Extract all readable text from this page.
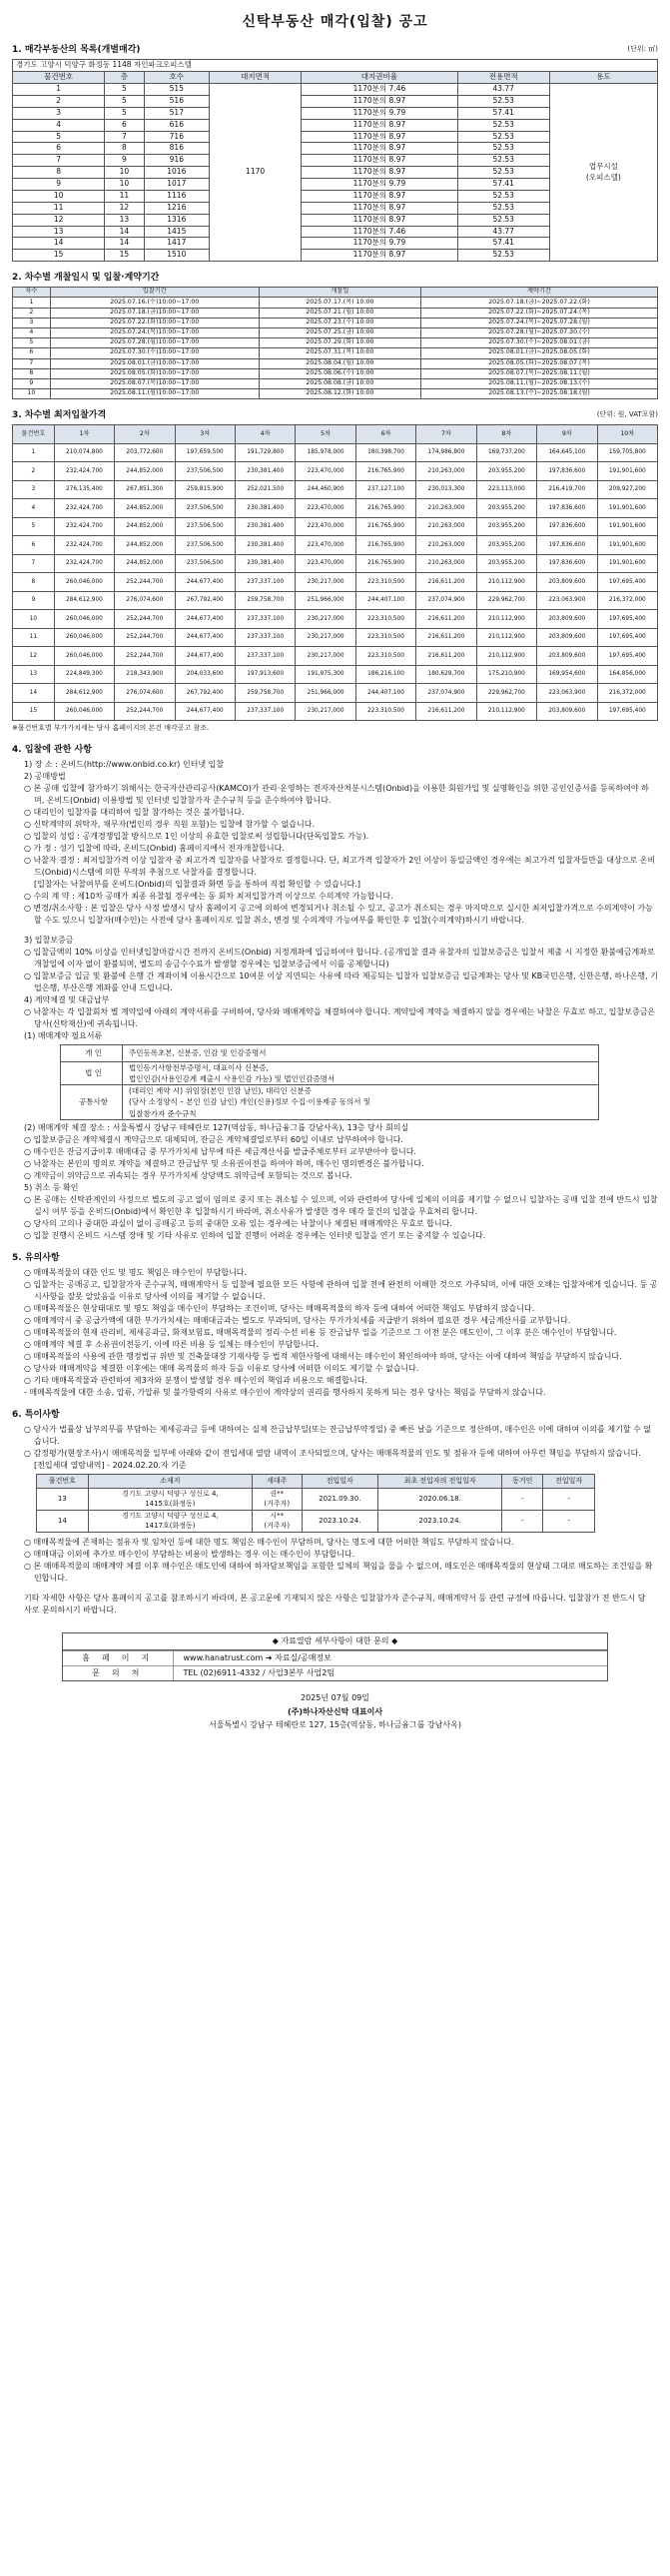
신탁부동산 매각(입찰) 공고
1. 매각부동산의 목록(개별매각)	(단위: ㎡)
경기도 고양시 덕양구 화정동 1148 자인파크오피스텔						
물건번호	층	호수	대지면적	대지권비율	전용면적	용도
1	5	515	1170	1170분의 7.46	43.77	업무시설
(오피스텔)
2	5	516		1170분의 8.97	52.53	
3	5	517		1170분의 9.79	57.41	
4	6	616		1170분의 8.97	52.53	
5	7	716		1170분의 8.97	52.53	
6	8	816		1170분의 8.97	52.53	
7	9	916		1170분의 8.97	52.53	
8	10	1016		1170분의 8.97	52.53	
9	10	1017		1170분의 9.79	57.41	
10	11	1116		1170분의 8.97	52.53	
11	12	1216		1170분의 8.97	52.53	
12	13	1316		1170분의 8.97	52.53	
13	14	1415		1170분의 7.46	43.77	
14	14	1417		1170분의 9.79	57.41	
15	15	1510		1170분의 8.97	52.53	
2. 차수별 개찰일시 및 입찰·계약기간
차수	입찰기간	개찰일	계약기간
1	2025.07.16.(수)10:00~17:00	2025.07.17.(목) 10:00	2025.07.18.(금)~2025.07.22.(화)
2	2025.07.18.(금)10:00~17:00	2025.07.21.(월) 10:00	2025.07.22.(화)~2025.07.24.(목)
3	2025.07.22.(화)10:00~17:00	2025.07.23.(수) 10:00	2025.07.24.(목)~2025.07.28.(월)
4	2025.07.24.(목)10:00~17:00	2025.07.25.(금) 10:00	2025.07.28.(월)~2025.07.30.(수)
5	2025.07.28.(월)10:00~17:00	2025.07.29.(화) 10:00	2025.07.30.(수)~2025.08.01.(금)
6	2025.07.30.(수)10:00~17:00	2025.07.31.(목) 10:00	2025.08.01.(금)~2025.08.05.(화)
7	2025.08.01.(금)10:00~17:00	2025.08.04.(월) 10:00	2025.08.05.(화)~2025.08.07.(목)
8	2025.08.05.(화)10:00~17:00	2025.08.06.(수) 10:00	2025.08.07.(목)~2025.08.11.(월)
9	2025.08.07.(목)10:00~17:00	2025.08.08.(금) 10:00	2025.08.11.(월)~2025.08.13.(수)
10	2025.08.11.(월)10:00~17:00	2025.08.12.(화) 10:00	2025.08.13.(수)~2025.08.18.(월)
3. 차수별 최저입찰가격	(단위: 원, VAT포함)
물건번호	1차	2차	3차	4차	5차	6차	7차	8차	9차	10차
1	210,074,800	203,772,600	197,659,500	191,729,800	185,978,000	180,398,700	174,986,800	169,737,200	164,645,100	159,705,800
2	232,424,700	244,852,000	237,506,500	230,381,400	223,470,000	216,765,900	210,263,000	203,955,200	197,836,600	191,901,600
3	276,135,400	267,851,300	259,815,900	252,021,500	244,460,900	237,127,100	230,013,300	223,113,000	216,419,700	209,927,200
4	232,424,700	244,852,000	237,506,500	230,381,400	223,470,000	216,765,900	210,263,000	203,955,200	197,836,600	191,901,600
5	232,424,700	244,852,000	237,506,500	230,381,400	223,470,000	216,765,900	210,263,000	203,955,200	197,836,600	191,901,600
6	232,424,700	244,852,000	237,506,500	230,381,400	223,470,000	216,765,900	210,263,000	203,955,200	197,836,600	191,901,600
7	232,424,700	244,852,000	237,506,500	230,381,400	223,470,000	216,765,900	210,263,000	203,955,200	197,836,600	191,901,600
8	260,046,000	252,244,700	244,677,400	237,337,100	230,217,000	223,310,500	216,611,200	210,112,900	203,809,600	197,695,400
9	284,612,900	276,074,600	267,792,400	259,758,700	251,966,000	244,407,100	237,074,900	229,962,700	223,063,900	216,372,000
10	260,046,000	252,244,700	244,677,400	237,337,100	230,217,000	223,310,500	216,611,200	210,112,900	203,809,600	197,695,400
11	260,046,000	252,244,700	244,677,400	237,337,100	230,217,000	223,310,500	216,611,200	210,112,900	203,809,600	197,695,400
12	260,046,000	252,244,700	244,677,400	237,337,100	230,217,000	223,310,500	216,611,200	210,112,900	203,809,600	197,695,400
13	224,849,300	218,343,900	204,033,600	197,913,600	191,975,300	186,216,100	180,629,700	175,210,900	169,954,600	164,856,000
14	284,612,900	276,074,600	267,792,400	259,758,700	251,966,000	244,407,100	237,074,900	229,962,700	223,063,900	216,372,000
15	260,046,000	252,244,700	244,677,400	237,337,100	230,217,000	223,310,500	216,611,200	210,112,900	203,809,600	197,695,400
※물건번호별 부가가치세는 당사 홈페이지의 본건 매각공고 참조.
4. 입찰에 관한 사항

1) 장 소 : 온비드(http://www.onbid.co.kr) 인터넷 입찰

2) 공매방법

○ 본 공매 입찰에 참가하기 위해서는 한국자산관리공사(KAMCO)가 관리·운영하는 전자자산처분시스템(Onbid)을 이용한 회원가입 및 실명확인을 위한 공인인증서를 등록하여야 하며, 온비드(Onbid) 이용방법 및 인터넷 입찰참가자 준수규칙 등을 준수하여야 합니다.

○ 대리인이 입찰자를 대리하여 입찰 참가하는 것은 불가합니다.

○ 신탁계약의 위탁자, 채무자(법인의 경우 직원 포함)는 입찰에 참가할 수 없습니다.

○ 입찰의 성립 : 공개경쟁입찰 방식으로 1인 이상의 유효한 입찰로써 성립합니다(단독입찰도 가능).

○ 가 정 : 성기 입찰에 따라, 온비드(Onbid) 홈페이지에서 전자개찰합니다.

○ 낙찰자 결정 : 최저입찰가격 이상 입찰자 중 최고가격 입찰자를 낙찰자로 결정합니다. 단, 최고가격 입찰자가 2인 이상이 동일금액인 경우에는 최고가격 입찰자들만을 대상으로 온비드(Onbid)시스템에 의한 무작위 추첨으로 낙찰자를 결정합니다.
[입찰자는 낙찰여부를 온비드(Onbid)의 입찰결과 화면 등을 통하여 직접 확인할 수 있습니다.]

○ 수의 계 약 : 제10차 공매가 최종 유찰될 경우에는 동 회차 최저입찰가격 이상으로 수의계약 가능합니다.

○ 변경/취소사항 : 본 입찰은 당사 사정 발생시 당사 홈페이지 공고에 의하여 변경되거나 취소될 수 있고, 공고가 취소되는 경우 마지막으로 실시한 최저입찰가격으로 수의계약이 가능할 수도 있으니 입찰자(매수인)는 사전에 당사 홈페이지로 입찰 취소, 변경 및 수의계약 가능여부를 확인한 후 입찰(수의계약)하시기 바랍니다.

3) 입찰보증금

○ 입찰금액의 10% 이상을 인터넷입찰마감시간 전까지 온비드(Onbid) 지정계좌에 입금하여야 합니다. (공개입찰 결과 유찰자의 입찰보증금은 입찰서 제출 시 지정한 환불예금계좌로 개찰일에 이자 없이 환불되며, 별도의 송금수수료가 발생할 경우에는 입찰보증금에서 이를 공제합니다)

○ 입찰보증금 입금 및 환불에 은행 간 계좌이체 이용시간으로 10여분 이상 지연되는 사유에 따라 제공되는 입찰자 입찰보증금 입금계좌는 당사 및 KB국민은행, 신한은행, 하나은행, 기업은행, 부산은행 계좌를 안내 드립니다.

4) 계약체결 및 대금납부

○ 낙찰자는 각 입찰회차 별 계약일에 아래의 계약서류를 구비하여, 당사와 매매계약을 체결하여야 합니다. 계약일에 계약을 체결하지 않을 경우에는 낙찰은 무효로 하고, 입찰보증금은 당사(신탁재산)에 귀속됩니다.

(1) 매매계약 필요서류

개 인	주민등록초본, 신분증, 인감 및 인감증명서
법 인	법인등기사항전부증명서, 대표이사 신분증,
법인인감(사용인감계 제출시 사용인감 가능) 및 법인인감증명서
공통사항	(대리인 계약 시) 위임장(본인 인감 날인), 대리인 신분증
(당사 소정양식 – 본인 인감 날인) 개인(신용)정보 수집·이용제공 동의서 및
입찰참가자 준수규칙

(2) 매매계약 체결 장소 : 서울특별시 강남구 테헤란로 127(역삼동, 하나금융그룹 강남사옥), 13층 당사 회의실

○ 입찰보증금은 계약체결시 계약금으로 대체되며, 잔금은 계약체결일로부터 60일 이내로 납부하여야 합니다.

○ 매수인은 잔금지급이후 매매대금 중 부가가치세 납부에 따른 세금계산서를 발급주체로부터 교부받아야 합니다.

○ 낙찰자는 본인의 명의로 계약을 체결하고 잔금납부 및 소유권이전을 하여야 하며, 매수인 명의변경은 불가합니다.

○ 계약금이 위약금으로 귀속되는 경우 부가가치세 상당액도 위약금에 포함되는 것으로 봅니다.

5) 취소 등 확인

○ 본 공매는 신탁관계인의 사정으로 별도의 공고 없이 임의로 중지 또는 취소될 수 있으며, 이와 관련하여 당사에 일체의 이의를 제기할 수 없으니 입찰자는 공매 입찰 전에 반드시 입찰 실시 여부 등을 온비드(Onbid)에서 확인한 후 입찰하시기 바라며, 취소사유가 발생한 경우 매각 물건의 입찰을 무효처리 합니다.

○ 당사의 고의나 중대한 과실이 없이 공매공고 등의 중대한 오류 있는 경우에는 낙찰이나 체결된 매매계약은 무효로 합니다.

○ 입찰 진행시 온비드 시스템 장애 및 기타 사유로 인하여 입찰 진행이 어려운 경우에는 인터넷 입찰을 연기 또는 중지할 수 있습니다.

5. 유의사항

○ 매매목적물의 대한 인도 및 명도 책임은 매수인이 부담합니다.

○ 입찰자는 공매공고, 입찰참가자 준수규칙, 매매계약서 등 입찰에 필요한 모든 사항에 관하여 입찰 전에 완전히 이해한 것으로 가주되며, 이에 대한 오해는 입찰자에게 있습니다. 등 공시사항을 잘못 알았음을 이유로 당사에 이의를 제기할 수 없습니다.

○ 매매목적물은 현상태대로 및 명도 책임을 매수인이 부담하는 조건이며, 당사는 매매목적물의 하자 등에 대하여 어떠한 책임도 부담하지 않습니다.

○ 매매계약서 중 공급가액에 대한 부가가치세는 매매대금과는 별도로 부과되며, 당사는 부가가치세를 지급받기 위하여 필요한 경우 세금계산서를 교부합니다.

○ 매매목적물의 현재 관리비, 제세공과금, 화재보험료, 매매목적물의 정리·수선 비용 등 잔금납부 일을 기준으로 그 이전 분은 매도인이, 그 이후 분은 매수인이 부담합니다.

○ 매매계약 체결 후 소유권이전등기, 이에 따른 비용 등 일체는 매수인이 부담합니다.

○ 매매목적물의 사용에 관한 행정법규 위반 및 건축물대장 기재사항 등 법적 제한사항에 대해서는 매수인이 확인하여야 하며, 당사는 이에 대하여 책임을 부담하지 않습니다.

○ 당사와 매매계약을 체결한 이후에는 매매 목적물의 하자 등을 이유로 당사에 어떠한 이의도 제기할 수 없습니다.

○ 기타 매매목적물과 관련하여 제3자와 분쟁이 발생할 경우 매수인의 책임과 비용으로 해결합니다.

- 매매목적물에 대한 소송, 압류, 가압류 및 불가항력의 사유로 매수인이 계약상의 권리를 행사하지 못하게 되는 경우 당사는 책임을 부담하지 않습니다.

6. 특이사항

○ 당사가 법률상 납부의무를 부담하는 제세공과금 등에 대하여는 실제 잔금납부일(또는 잔금납부약정일) 중 빠른 날을 기준으로 정산하며, 매수인은 이에 대하여 이의를 제기할 수 없습니다.

○ 감정평가(현장조사)시 매매목적물 일부에 아래와 같이 전입세대 열람 내역이 조사되었으며, 당사는 매매목적물의 인도 및 점유자 등에 대하여 아무런 책임을 부담하지 않습니다.

[전입세대 열람내역] - 2024.02.20.자 기준

물건번호	소재지	세대주	전입일자	최초 전입자의 전입일자	동거인	전입일자
13	경기도 고양시 덕양구 성신로 4,
1415호(화정동)	권**
(거주자)	2021.09.30.	2020.06.18.	-	-
14	경기도 고양시 덕양구 성신로 4,
1417호(화정동)	시**
(거주자)	2023.10.24.	2023.10.24.	-	-

○ 매매목적물에 존재하는 점유자 및 임차인 등에 대한 명도 책임은 매수인이 부담하며, 당사는 명도에 대한 어떠한 책임도 부담하지 않습니다.

○ 매매대금 이외에 추가로 매수인이 부담하는 비용이 발생하는 경우 이는 매수인이 부담합니다.

○ 본 매매목적물의 매매계약 체결 이후 매수인은 매도인에 대하여 하자담보책임을 포함한 일체의 책임을 물을 수 없으며, 매도인은 매매목적물의 현상태 그대로 매도하는 조건임을 확인합니다.

기타 자세한 사항은 당사 홈페이지 공고를 참조하시기 바라며, 본 공고문에 기재되지 않은 사항은 입찰참가자 준수규칙, 매매계약서 등 관련 규정에 따릅니다. 입찰참가 전 반드시 당사로 문의하시기 바랍니다.

◆ 자료열람 세부사항이 대한 문의 ◆
홈페이지	www.hanatrust.com ➜ 자료실/공매정보
문의처	TEL (02)6911-4332 / 사업3본부 사업2팀
2025년 07월 09일
(주)하나자산신탁 대표이사
서울특별시 강남구 테헤란로 127, 15층(역삼동, 하나금융그룹 강남사옥)
